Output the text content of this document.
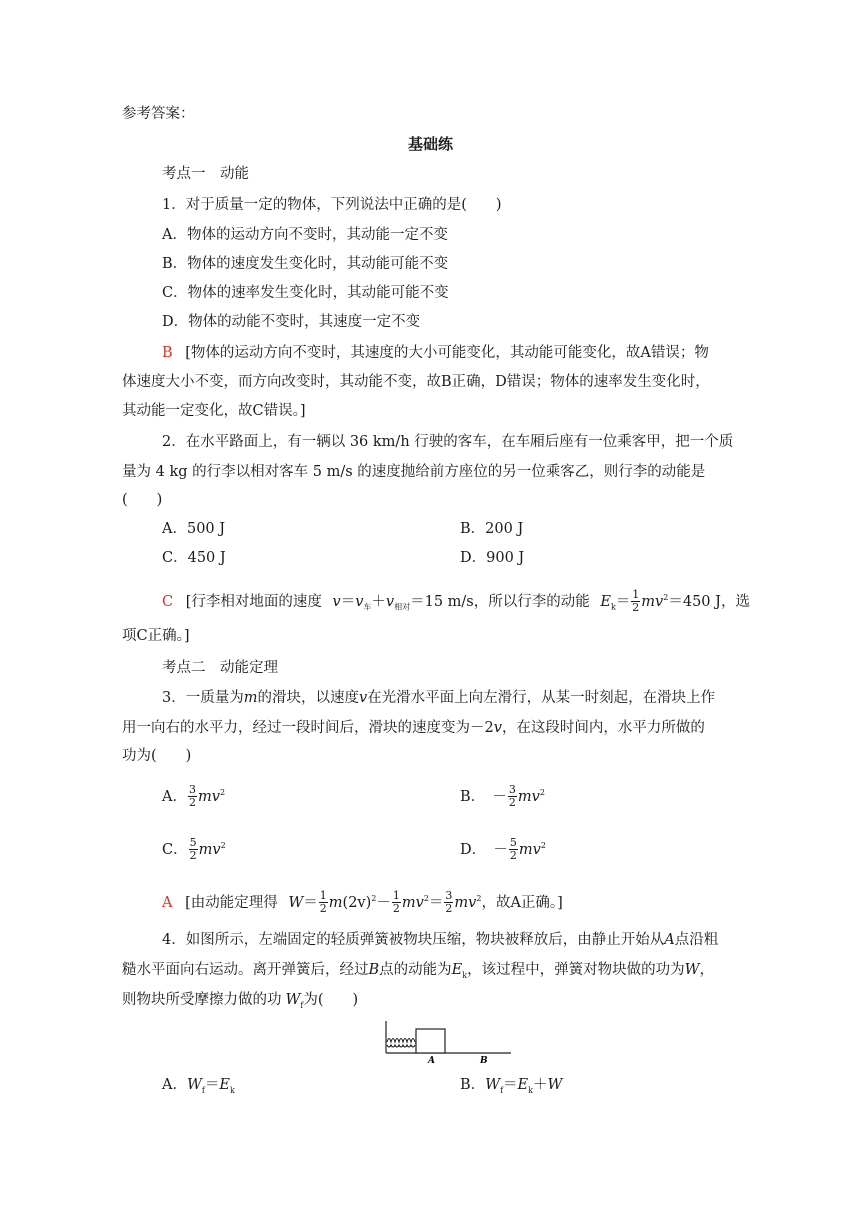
参考答案：
基础练
考点一　动能
1．对于质量一定的物体，下列说法中正确的是(　　)
A．物体的运动方向不变时，其动能一定不变
B．物体的速度发生变化时，其动能可能不变
C．物体的速率发生变化时，其动能可能不变
D．物体的动能不变时，其速度一定不变
B [物体的运动方向不变时，其速度的大小可能变化，其动能可能变化，故A错误；物
体速度大小不变，而方向改变时，其动能不变，故B正确，D错误；物体的速率发生变化时，
其动能一定变化，故C错误。]
2．在水平路面上，有一辆以 36 km/h 行驶的客车，在车厢后座有一位乘客甲，把一个质
量为 4 kg 的行李以相对客车 5 m/s 的速度抛给前方座位的另一位乘客乙，则行李的动能是
(　　)
A．500 J	B．200 J
C．450 J	D．900 J
C [行李相对地面的速度 $v=v_车+v_{相对}=15$ m/s，所以行李的动能 $E_k= \frac{1}{2} mv^2=450$ J，选
项C正确。]
考点二　动能定理
3．一质量为m的滑块，以速度v在光滑水平面上向左滑行，从某一时刻起，在滑块上作
用一向右的水平力，经过一段时间后，滑块的速度变为－2v，在这段时间内，水平力所做的
功为(　　)
A． $\frac{3}{2} mv^2$	B．　－ $\frac{3}{2} mv^2$
C． $\frac{5}{2} mv^2$	D．　－ $\frac{5}{2} mv^2$
A [由动能定理得 $W= \frac{1}{2} m(2v)^2- \frac{1}{2} mv^2= \frac{3}{2} mv^2$，故A正确。]
4．如图所示，左端固定的轻质弹簧被物块压缩，物块被释放后，由静止开始从A点沿粗
糙水平面向右运动。离开弹簧后，经过B点的动能为$E_k$，该过程中，弹簧对物块做的功为W，
则物块所受摩擦力做的功 $W_f$为(　　)
A	B
A．$W_f=E_k$	B．$W_f=E_k+W$
